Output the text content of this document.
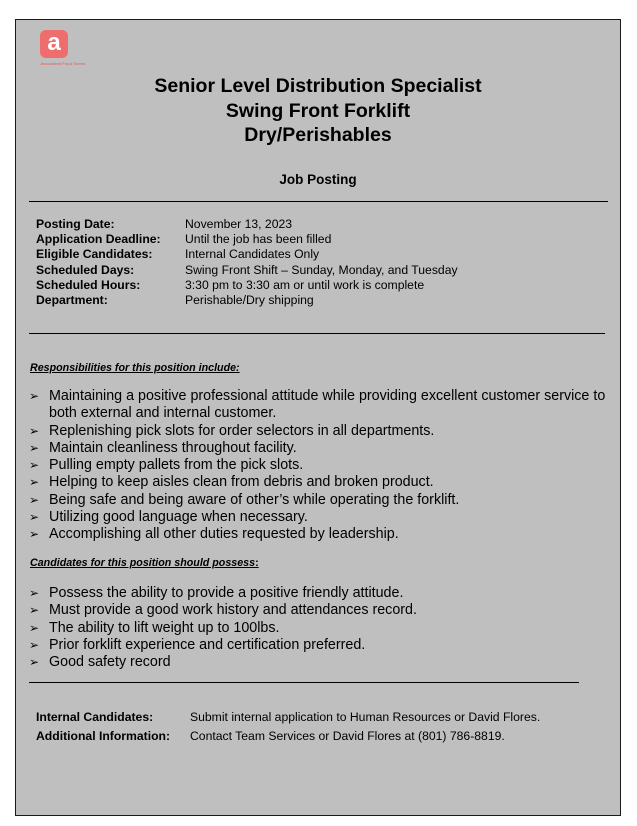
a
Associated Food Stores
Senior Level Distribution Specialist
Swing Front Forklift
Dry/Perishables
Job Posting
Posting Date:	November 13, 2023
Application Deadline: Until the job has been filled
Eligible Candidates:	Internal Candidates Only
Scheduled Days:	Swing Front Shift – Sunday, Monday, and Tuesday
Scheduled Hours:	3:30 pm to 3:30 am or until work is complete
Department:	Perishable/Dry shipping
Responsibilities for this position include:
➢ Maintaining a positive professional attitude while providing excellent customer service to both external and internal customer.
➢ Replenishing pick slots for order selectors in all departments.
➢ Maintain cleanliness throughout facility.
➢ Pulling empty pallets from the pick slots.
➢ Helping to keep aisles clean from debris and broken product.
➢ Being safe and being aware of other’s while operating the forklift.
➢ Utilizing good language when necessary.
➢ Accomplishing all other duties requested by leadership.
Candidates for this position should possess:
➢ Possess the ability to provide a positive friendly attitude.
➢ Must provide a good work history and attendances record.
➢ The ability to lift weight up to 100lbs.
➢ Prior forklift experience and certification preferred.
➢ Good safety record
Internal Candidates:	Submit internal application to Human Resources or David Flores.
Additional Information: Contact Team Services or David Flores at (801) 786-8819.
